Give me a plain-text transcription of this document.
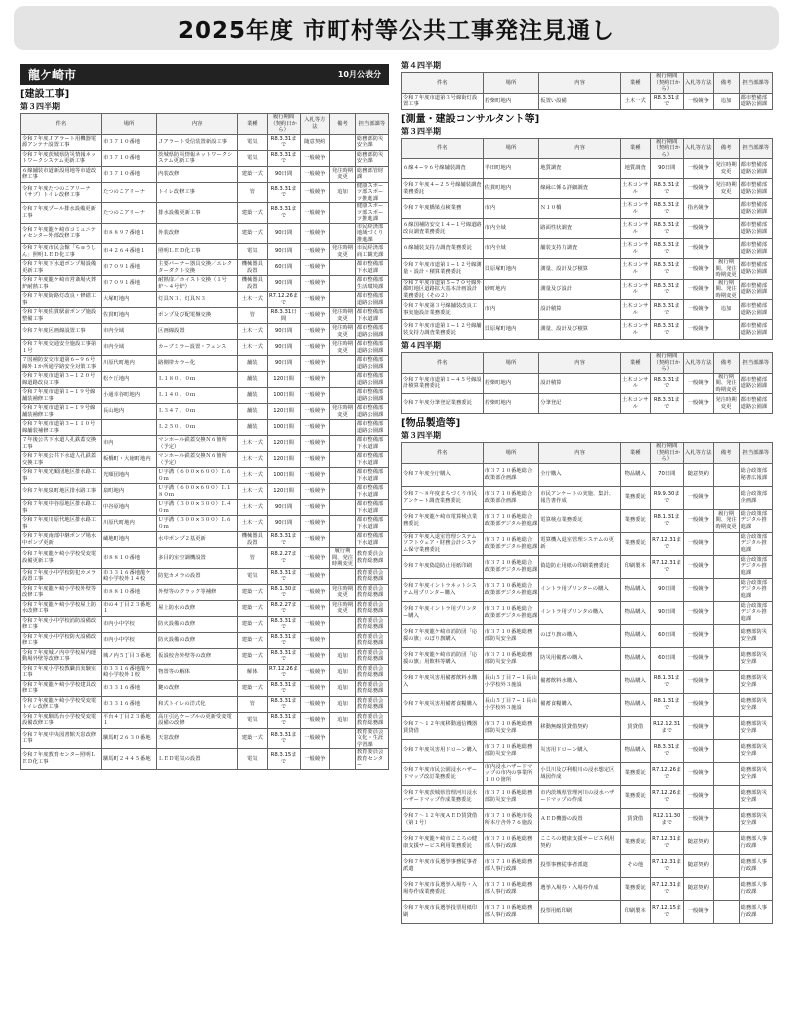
2025年度 市町村等公共工事発注見通し
龍ケ崎市	10月公表分
[建設工事]
第３四半期
件名	場所	内容	業種	履行期間（契約日から）	入札等方法	備考	担当部課等
令和７年度Ｊアラート用機器電源アンテナ設置工事	市３７１０番地	Ｊアラート受信装置新設工事	電気	R8.3.31まで	随意契約		総務部防災安全課
令和７年度茨城県防災情報ネットワークシステム更新工事	市３７１０番地	茨城県防災情報ネットワークシステム更新工事	電気	R8.3.31まで	一般競争		総務部防災安全課
６線舗装市道新設用地等市道改修工事	市３７１０番地	内装改修	建築一式	90日間	一般競争	発注時期変更	総務部管財課
令和７年度たつのこアリーナ（サブ）トイレ改修工事	たつのこアリーナ	トイレ改修工事	管	R8.3.31まで	一般競争	追加	健康スポーツ部スポーツ推進課
令和７年度プール排水設備更新工事	たつのこアリーナ	排水設備更新工事	建築一式	R8.3.31まで	一般競争		健康スポーツ部スポーツ推進課
令和７年度龍ケ崎市コミュニティセンター外部改修工事	市８８９７番地１	外装改修	建築一式	90日間	一般競争		市民経済部地域づくり推進課
令和７年度市民会館「ちゅうしん」照明ＬＥＤ化工事	市４２６４番地１	照明ＬＥＤ化工事	電気	90日間	一般競争	発注時期変更	市民経済部商工観光課
令和７年度下水道ポンプ場設備更新工事	市７０９１番地	主要バーナー器具交換／エレクターダクト交換	機械器具設置	60日間	一般競争		都市整備部下水道課
令和７年度龍ケ崎市営斎場火葬炉耐熱工事	市７０９１番地	耐熱扉／ホイスト交換（１号炉〜４号炉）	機械器具設置	90日間	一般競争		都市整備部生活環境課
令和７年度街路灯改良・修繕工事	大塚町地内	灯具Ｎ３、灯具Ｎ３	土木一式	R7.12.26まで	一般競争		都市整備部道路公園課
令和７年度佐貫駅前ポンプ施設整備工事	佐貫町地内	ポンプ及び配電盤交換	管	R8.3.31日間	一般競争	発注時期変更	都市整備部下水道課
令和７年度区画線設置工事	市内全域	区画線設置	土木一式	90日間	一般競争	発注時期変更	都市整備部道路公園課
令和７年度交通安全施設工事第１号	市内全域	カーブミラー設置・フェンス	土木一式	90日間	一般競争	発注時期変更	都市整備部道路公園課
７国補防安交市道第６−９６号線外１か所通学路安全対策工事	川原代町地内	路側帯カラー化	舗装	90日間	一般競争		都市整備部道路公園課
令和７年度市道第３−１２０号線道路改良工事	松ケ丘地内	Ｌ１８０．０ｍ	舗装	120日間	一般競争		都市整備部道路公園課
令和７年度市道第１−１９号線舗装補修工事	小通幸谷町地内	Ｌ１４０．０ｍ	舗装	100日間	一般競争		都市整備部道路公園課
令和７年度市道第１−１９号線舗装補修工事	長山地内	Ｌ３４７．０ｍ	舗装	120日間	一般競争	発注時期変更	都市整備部道路公園課
令和７年度市道第３−１１０号線舗装補修工事		Ｌ２５０．０ｍ	舗装	100日間	一般競争		都市整備部道路公園課
７年後公共下水道人孔鉄蓋交換工事	市内	マンホール鉄蓋交換Ｎ６箇所（予定）	土木一式	120日間	一般競争		都市整備部下水道課
令和７年度公共下水道人孔鉄蓋交換工事	板橋町・大徳町地内	マンホール鉄蓋交換Ｎ６箇所（予定）	土木一式	120日間	一般競争		都市整備部下水道課
令和７年度光順団地区排水路工事	光順団地内	Ｕ字溝（６００×６００）Ｌ６０ｍ	土木一式	100日間	一般競争		都市整備部下水道課
令和７年度泉町地区排水路工事	泉町地内	Ｕ字溝（６００×６００）Ｌ１８０ｍ	土木一式	120日間	一般競争		都市整備部下水道課
令和７年度中谷原地区排水路工事	中谷原地内	Ｕ字溝（３００×３００）Ｌ４０ｍ	土木一式	90日間	一般競争		都市整備部下水道課
令和７年度川原代地区排水路工事	川原代町地内	Ｕ字溝（３００×３００）Ｌ６０ｍ	土木一式	90日間	一般競争		都市整備部下水道課
令和７年度南部中継ポンプ場水中ポンプ更新	蔵地町地内	水中ポンプ２基更新	機械器具設置	R8.3.31まで	一般競争		都市整備部下水道課
令和７年度龍ケ崎小学校受変電設備更新工事	市８８１０番地	多目的室空調機設置	管	R8.2.27まで	一般競争	履行期間、発注時期変更	教育委員会教育総務課
令和７年度小中学校防犯カメラ設置工事	市３３１６番地龍ケ崎小学校外１４校	防犯カメラの設置	電気	R8.3.31まで	一般競争		教育委員会教育総務課
令和７年度龍ケ崎小学校外壁等改修工事	市８８１０番地	外壁等のクラック等補修	建築一式	R8.1.30まで	一般競争	発注時期変更	教育委員会教育総務課
令和７年度龍ケ崎小学校屋上防水改修工事	市の４丁目２３番地１	屋上防水の改修	建築一式	R8.2.27まで	一般競争	発注時期変更	教育委員会教育総務課
令和７年度小中学校消防設備改修工事	市内小中学校	防火設備の改修	建築一式	R8.3.31まで	一般競争		教育委員会教育総務課
令和７年度小中学校防火設備改修工事	市内小中学校	防火設備の改修	建築一式	R8.3.31まで	一般競争		教育委員会教育総務課
令和７年度城ノ内中学校屋内運動場外壁等改修工事	城ノ内５丁目３番地	仮設校舎外壁等の改修	建築一式	R8.3.31まで	一般競争	追加	教育委員会教育総務課
令和７年度小学校教職員実験室工事	市３３１６番地龍ケ崎小学校外１校	物置等の解体	解体	R7.12.26まで	一般競争	追加	教育委員会教育総務課
令和７年度龍ケ崎小学校建具改修工事	市３３１６番地	鍵の改修	建築一式	R8.3.31まで	一般競争	追加	教育委員会教育総務課
令和７年度龍ケ崎小学校受変電トイレ改修工事	市３３１６番地	和式トイレの洋式化	管	R8.3.31まで	一般競争	追加	教育委員会教育総務課
令和７年度馴馬台小学校受変電設備改修工事	平台４丁目２３番地１	高圧引込ケーブルの更新受変電設備の改修	電気	R8.3.31まで	一般競争	追加	教育委員会教育総務課
令和７年度中央図書館天窓改修工事	馴馬町２６３０番地	天窓改修	建築一式	R8.3.31まで	一般競争		教育委員会文化・生涯学習課
令和７年度教育センター照明ＬＥＤ化工事	馴馬町２４４５番地	ＬＥＤ電気の設置	電気	R8.3.15まで	一般競争		教育委員会教育センター
第４四半期
件名	場所	内容	業種	履行期間（契約日から）	入札等方法	備考	担当部課等
令和７年度市道第３号線街灯設置工事	若柴町地内	仮置い設備	土木一式	R8.3.31まで	一般競争	追加	都市整備部道路公園課
[測量・建設コンサルタント等]
第３四半期
件名	場所	内容	業種	履行期間（契約日から）	入札等方法	備考	担当部課等
６線４−９６号線舗装調査	半田町地内	地質調査	地質調査	90日間	一般競争	発注時期変更	都市整備部道路公園課
令和７年度４−２５号線舗装調査業務委託	佐貫町地内	線縁に係る詳細調査	土木コンサル	R8.3.31まで	一般競争	発注時期変更	都市整備部道路公園課
令和７年度橋梁点検業務	市内	Ｎ１０橋	土木コンサル	R8.3.31まで	指名競争		都市整備部道路公園課
６線国補防安交１４−１号線道路改良調査業務委託	市内全域	路面性状調査	土木コンサル	R8.3.31まで	一般競争		都市整備部道路公園課
６線舗装支持力調査業務委託	市内全域	舗装支持力調査	土木コンサル	R8.3.31まで	一般競争		都市整備部道路公園課
令和７年度市道第１−１２号線測量・設計・積算業務委託	貝原塚町地内	測量、設計及び積算	土木コンサル	R8.3.31まで	一般競争	履行期間、発注時期変更	都市整備部道路公園課
令和７年度市道第５−７０号線外都町地区道路拡大基本計画設計業務委託（その２）	砂町地内	測量及び設計	土木コンサル	R8.3.31まで	一般競争	履行期間、発注時期変更	都市整備部道路公園課
令和７年度第３号線舗装改良工事実施設計業務委託	市内	設計積算	土木コンサル	R8.3.31まで	一般競争	追加	都市整備部道路公園課
令和７年度市道第１−１２号線舗装支持力調査業務委託	貝原塚町地内	測量、設計及び積算	土木コンサル	R8.3.31まで	一般競争		都市整備部道路公園課
第４四半期
件名	場所	内容	業種	履行期間（契約日から）	入札等方法	備考	担当部課等
令和７年度市道第１−４５号線設計積算業務委託	若柴町地内	設計積算	土木コンサル	R8.3.31まで	一般競争	履行期間、発注時期変更	都市整備部道路公園課
令和７年度分筆登記業務委託	若柴町地内	分筆登記	土木コンサル	R8.3.31まで	一般競争	発注時期変更	都市整備部道路公園課
[物品製造等]
第３四半期
件名	場所	内容	業種	履行期間（契約日から）	入札等方法	備考	担当部課等
令和７年度全庁購入	市３７１０番地総合政策部企画課	全庁購入	物品購入	70日間	随意契約		総合政策部秘書広報課
令和７〜８年度まちづくり市民アンケート調査業務委託	市３７１０番地総合政策部企画課	市民アンケートの実施、集計、報告書作成	業務委託	R9.9.30まで	一般競争		総合政策部企画課
令和７年度龍ケ崎市電算検点業務委託	市３７１０番地総合政策部デジタル推進課	電算検点業務委託	業務委託	R8.1.31まで	一般競争	履行期間、発注時期変更	総合政策部デジタル推進課
令和７年度入退室管理システムソフトウェア・財務会計システム保守業務委託	市３７１０番地総合政策部デジタル推進課	電算機入退室管理システムの更新	業務委託	R7.12.31まで	一般競争		総合政策部デジタル推進課
令和７年度偽造防止用紙印刷	市３７１０番地総合政策部デジタル推進課	偽造防止用紙の印刷業務委託	印刷製本	R7.12.31まで	一般競争		総合政策部デジタル推進課
令和７年度イントラネットシステム用プリンター購入	市３７１０番地総合政策部デジタル推進課	イントラ用プリンターの購入	物品購入	90日間	一般競争		総合政策部デジタル推進課
令和７年度イントラ用プリンター購入	市３７１０番地総合政策部デジタル推進課	イントラ用プリンタの購入	物品購入	90日間	一般競争		総合政策部デジタル推進課
令和７年度龍ケ崎市消防団「応援の旗」のぼり旗購入	市３７１０番地総務部防災安全課	のぼり旗の購入	物品購入	60日間	一般競争		総務部防災安全課
令和７年度龍ケ崎市消防団「応援の旗」用飲料等購入	市３７１０番地総務部防災安全課	防災用備蓄の購入	物品購入	60日間	一般競争		総務部防災安全課
令和７年度災害用備蓄飲料水購入	長山５丁目７−１長山小学校外３施設	備蓄飲料水購入	物品購入	R8.1.31まで	一般競争		総務部防災安全課
令和７年度災害用備蓄食糧購入	長山５丁目７−１長山小学校外３施設	備蓄食糧購入	物品購入	R8.1.31まで	一般競争		総務部防災安全課
令和７〜１２年度移動通信機器賃貸借	市３７１０番地総務部防災安全課	移動無線賃貸借契約	賃貸借	R12.12.31まで	一般競争		総務部防災安全課
令和７年度災害用ドローン購入	市３７１０番地総務部防災安全課	災害用ドローン購入	物品購入	R8.3.31まで	一般競争		総務部防災安全課
令和７年度市民公園浸水ハザードマップ改訂業務委託	市内浸水ハザードマップの市内の事業所１００箇所	小貝川及び利根川の浸水想定区域図作成	業務委託	R7.12.26まで	一般競争		総務部防災安全課
令和７年度茨城県管理河川浸水ハザードマップ作成業務委託	市３７１０番地総務部防災安全課	市内茨城県管理河川の浸水ハザードマップの作成	業務委託	R7.12.26まで	一般競争		総務部防災安全課
令和７〜１２年度ＡＥＤ賃貸借（第１号）	市３７１０番地市役所本庁舎外７６施設	ＡＥＤ機器の設置	賃貸借	R12.11.30まで	一般競争		総務部防災安全課
令和７年度龍ケ崎市こころの健康支援サービス利用業務委託	市３７１０番地総務部人事行政課	こころの健康支援サービス利用契約	業務委託	R7.12.31まで	随意契約		総務部人事行政課
令和７年度市長選挙事務従事者派遣	市３７１０番地総務部人事行政課	投票事務従事者派遣	その他	R7.12.31まで	随意契約		総務部人事行政課
令和７年度市長選挙入場券・入場券作成業務委託	市３７１０番地総務部人事行政課	選挙入場券・入場券作成	業務委託	R7.12.31まで	随意契約		総務部人事行政課
令和７年度市長選挙投票用紙印刷	市３７１０番地総務部人事行政課	投票用紙印刷	印刷製本	R7.12.15まで	一般競争		総務部人事行政課
